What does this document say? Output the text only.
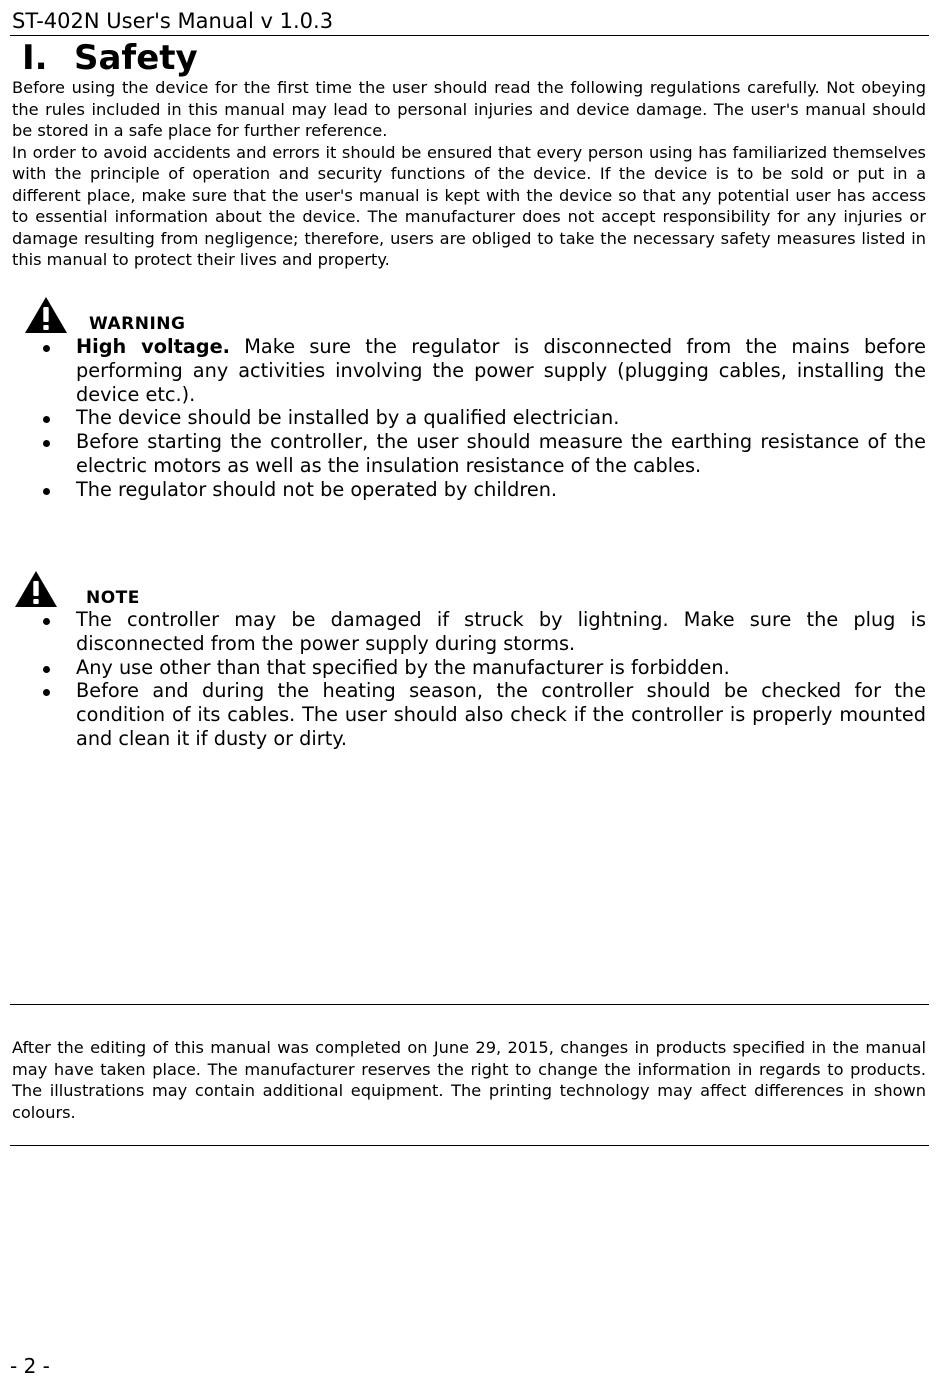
ST-402N User's Manual v 1.0.3
I. Safety

Before using the device for the first time the user should read the following regulations carefully. Not obeying the rules included in this manual may lead to personal injuries and device damage. The user's manual should be stored in a safe place for further reference.

In order to avoid accidents and errors it should be ensured that every person using has familiarized themselves with the principle of operation and security functions of the device. If the device is to be sold or put in a different place, make sure that the user's manual is kept with the device so that any potential user has access to essential information about the device. The manufacturer does not accept responsibility for any injuries or damage resulting from negligence; therefore, users are obliged to take the necessary safety measures listed in this manual to protect their lives and property.

WARNING
High voltage. Make sure the regulator is disconnected from the mains before performing any activities involving the power supply (plugging cables, installing the device etc.).
The device should be installed by a qualified electrician.
Before starting the controller, the user should measure the earthing resistance of the electric motors as well as the insulation resistance of the cables.
The regulator should not be operated by children.
NOTE
The controller may be damaged if struck by lightning. Make sure the plug is disconnected from the power supply during storms.
Any use other than that specified by the manufacturer is forbidden.
Before and during the heating season, the controller should be checked for the condition of its cables. The user should also check if the controller is properly mounted and clean it if dusty or dirty.

After the editing of this manual was completed on June 29, 2015, changes in products specified in the manual may have taken place. The manufacturer reserves the right to change the information in regards to products. The illustrations may contain additional equipment. The printing technology may affect differences in shown colours.

- 2 -
